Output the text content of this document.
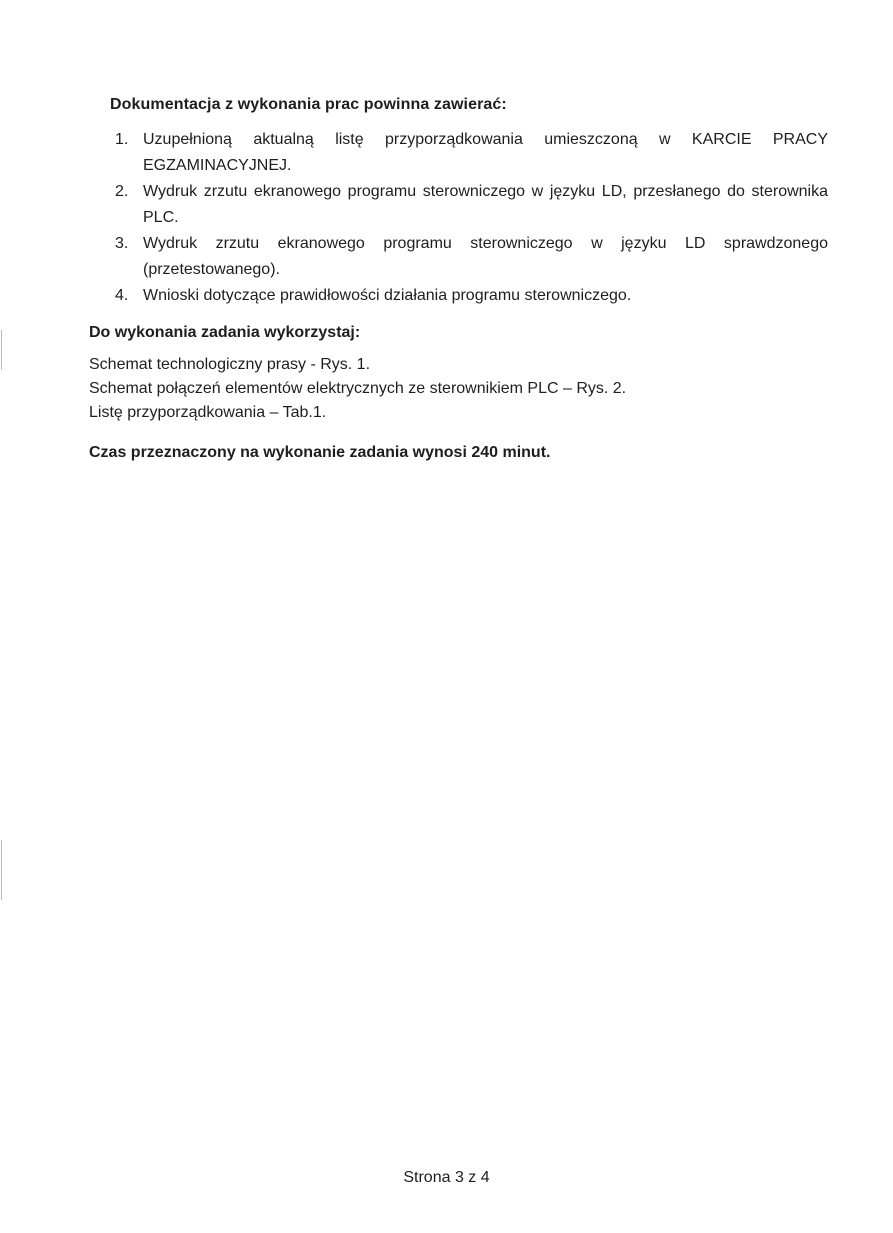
Dokumentacja z wykonania prac powinna zawierać:
1. Uzupełnioną aktualną listę przyporządkowania umieszczoną w KARCIE PRACY EGZAMINACYJNEJ.
2. Wydruk zrzutu ekranowego programu sterowniczego w języku LD, przesłanego do sterownika PLC.
3. Wydruk zrzutu ekranowego programu sterowniczego w języku LD sprawdzonego (przetestowanego).
4. Wnioski dotyczące prawidłowości działania programu sterowniczego.
Do wykonania zadania wykorzystaj:
Schemat technologiczny prasy - Rys. 1.
Schemat połączeń elementów elektrycznych ze sterownikiem PLC – Rys. 2.
Listę przyporządkowania – Tab.1.
Czas przeznaczony na wykonanie zadania wynosi 240 minut.
Strona 3 z 4
